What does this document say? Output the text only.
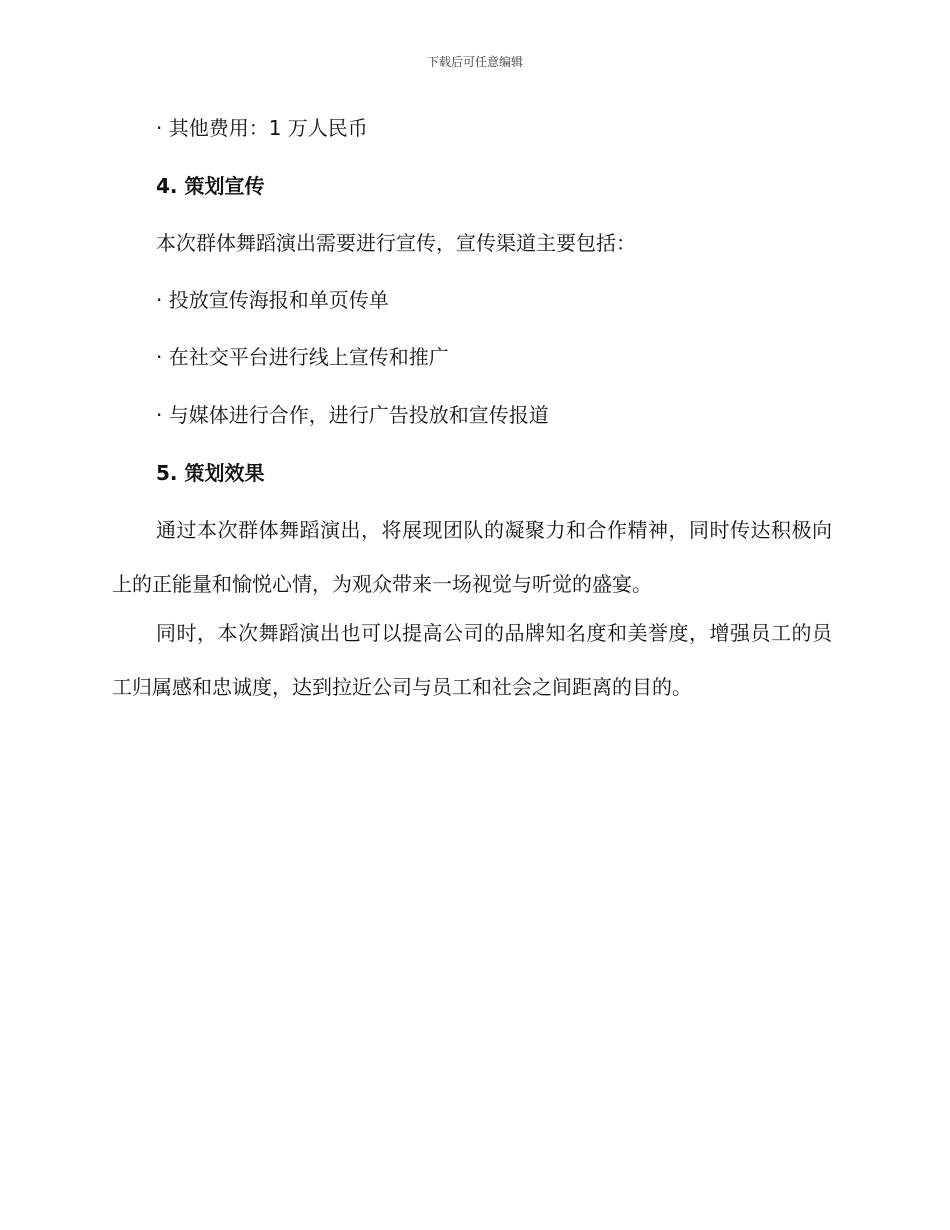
下载后可任意编辑
· 其他费用：1 万人民币
4. 策划宣传
本次群体舞蹈演出需要进行宣传，宣传渠道主要包括：
· 投放宣传海报和单页传单
· 在社交平台进行线上宣传和推广
· 与媒体进行合作，进行广告投放和宣传报道
5. 策划效果
通过本次群体舞蹈演出，将展现团队的凝聚力和合作精神，同时传达积极向上的正能量和愉悦心情，为观众带来一场视觉与听觉的盛宴。
同时，本次舞蹈演出也可以提高公司的品牌知名度和美誉度，增强员工的员工归属感和忠诚度，达到拉近公司与员工和社会之间距离的目的。
